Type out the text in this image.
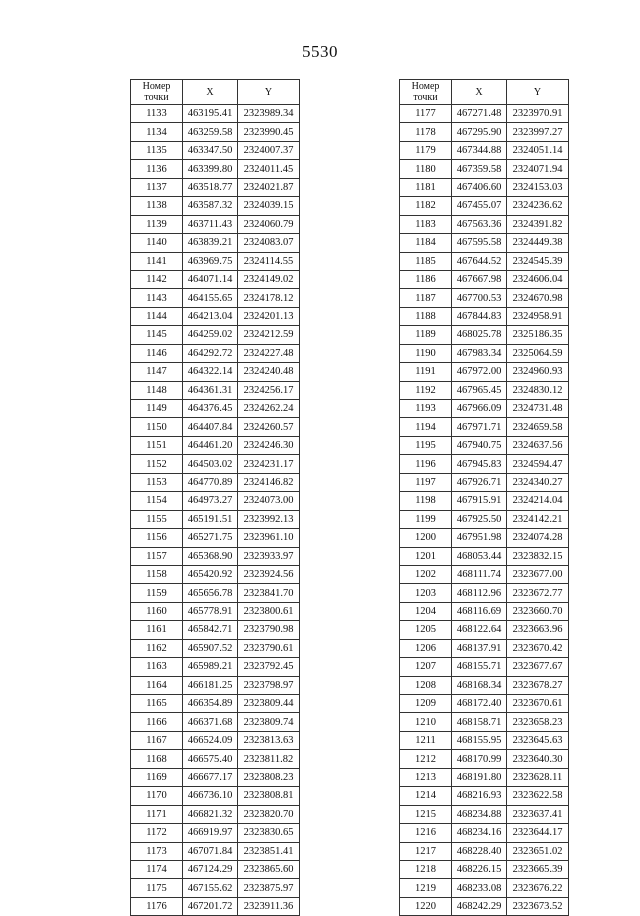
5530
Номер
точки	X	Y
1133	463195.41	2323989.34
1134	463259.58	2323990.45
1135	463347.50	2324007.37
1136	463399.80	2324011.45
1137	463518.77	2324021.87
1138	463587.32	2324039.15
1139	463711.43	2324060.79
1140	463839.21	2324083.07
1141	463969.75	2324114.55
1142	464071.14	2324149.02
1143	464155.65	2324178.12
1144	464213.04	2324201.13
1145	464259.02	2324212.59
1146	464292.72	2324227.48
1147	464322.14	2324240.48
1148	464361.31	2324256.17
1149	464376.45	2324262.24
1150	464407.84	2324260.57
1151	464461.20	2324246.30
1152	464503.02	2324231.17
1153	464770.89	2324146.82
1154	464973.27	2324073.00
1155	465191.51	2323992.13
1156	465271.75	2323961.10
1157	465368.90	2323933.97
1158	465420.92	2323924.56
1159	465656.78	2323841.70
1160	465778.91	2323800.61
1161	465842.71	2323790.98
1162	465907.52	2323790.61
1163	465989.21	2323792.45
1164	466181.25	2323798.97
1165	466354.89	2323809.44
1166	466371.68	2323809.74
1167	466524.09	2323813.63
1168	466575.40	2323811.82
1169	466677.17	2323808.23
1170	466736.10	2323808.81
1171	466821.32	2323820.70
1172	466919.97	2323830.65
1173	467071.84	2323851.41
1174	467124.29	2323865.60
1175	467155.62	2323875.97
1176	467201.72	2323911.36
Номер
точки	X	Y
1177	467271.48	2323970.91
1178	467295.90	2323997.27
1179	467344.88	2324051.14
1180	467359.58	2324071.94
1181	467406.60	2324153.03
1182	467455.07	2324236.62
1183	467563.36	2324391.82
1184	467595.58	2324449.38
1185	467644.52	2324545.39
1186	467667.98	2324606.04
1187	467700.53	2324670.98
1188	467844.83	2324958.91
1189	468025.78	2325186.35
1190	467983.34	2325064.59
1191	467972.00	2324960.93
1192	467965.45	2324830.12
1193	467966.09	2324731.48
1194	467971.71	2324659.58
1195	467940.75	2324637.56
1196	467945.83	2324594.47
1197	467926.71	2324340.27
1198	467915.91	2324214.04
1199	467925.50	2324142.21
1200	467951.98	2324074.28
1201	468053.44	2323832.15
1202	468111.74	2323677.00
1203	468112.96	2323672.77
1204	468116.69	2323660.70
1205	468122.64	2323663.96
1206	468137.91	2323670.42
1207	468155.71	2323677.67
1208	468168.34	2323678.27
1209	468172.40	2323670.61
1210	468158.71	2323658.23
1211	468155.95	2323645.63
1212	468170.99	2323640.30
1213	468191.80	2323628.11
1214	468216.93	2323622.58
1215	468234.88	2323637.41
1216	468234.16	2323644.17
1217	468228.40	2323651.02
1218	468226.15	2323665.39
1219	468233.08	2323676.22
1220	468242.29	2323673.52
